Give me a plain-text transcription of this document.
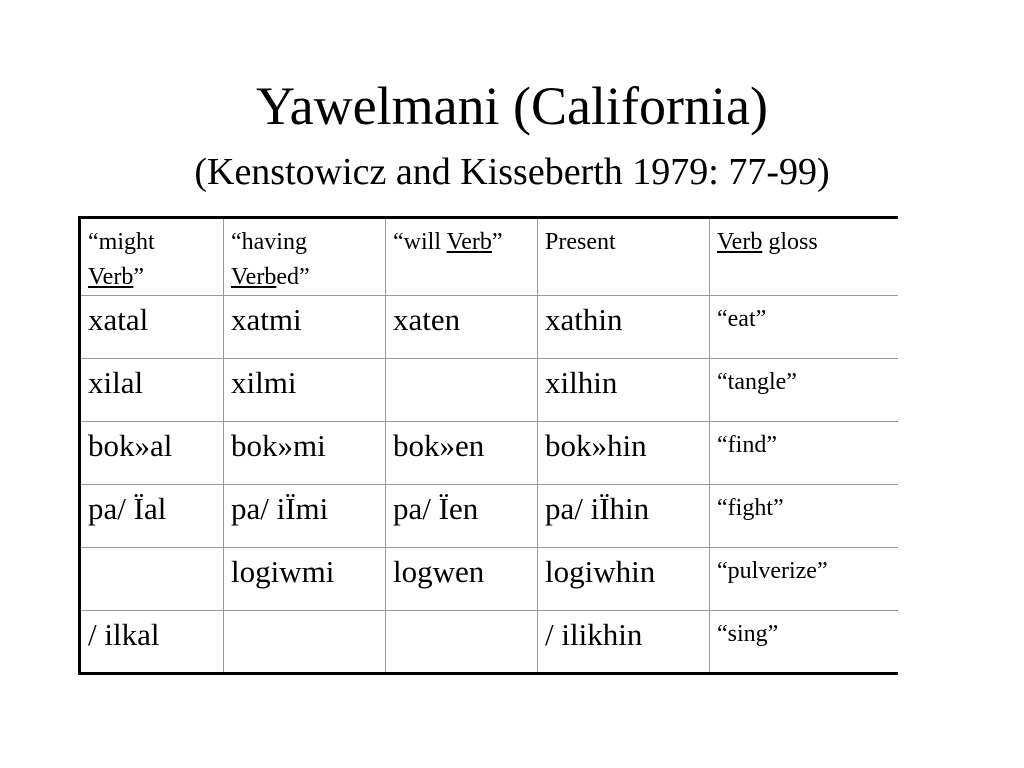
Yawelmani (California)
(Kenstowicz and Kisseberth 1979: 77-99)
“might Verb”	“having Verbed”	“will Verb”	Present	Verb gloss
xatal	xatmi	xaten	xathin	“eat”
xilal	xilmi		xilhin	“tangle”
bok»al	bok»mi	bok»en	bok»hin	“find”
pa/ Ïal	pa/ iÏmi	pa/ Ïen	pa/ iÏhin	“fight”
	logiwmi	logwen	logiwhin	“pulverize”
/ ilkal			/ ilikhin	“sing”
